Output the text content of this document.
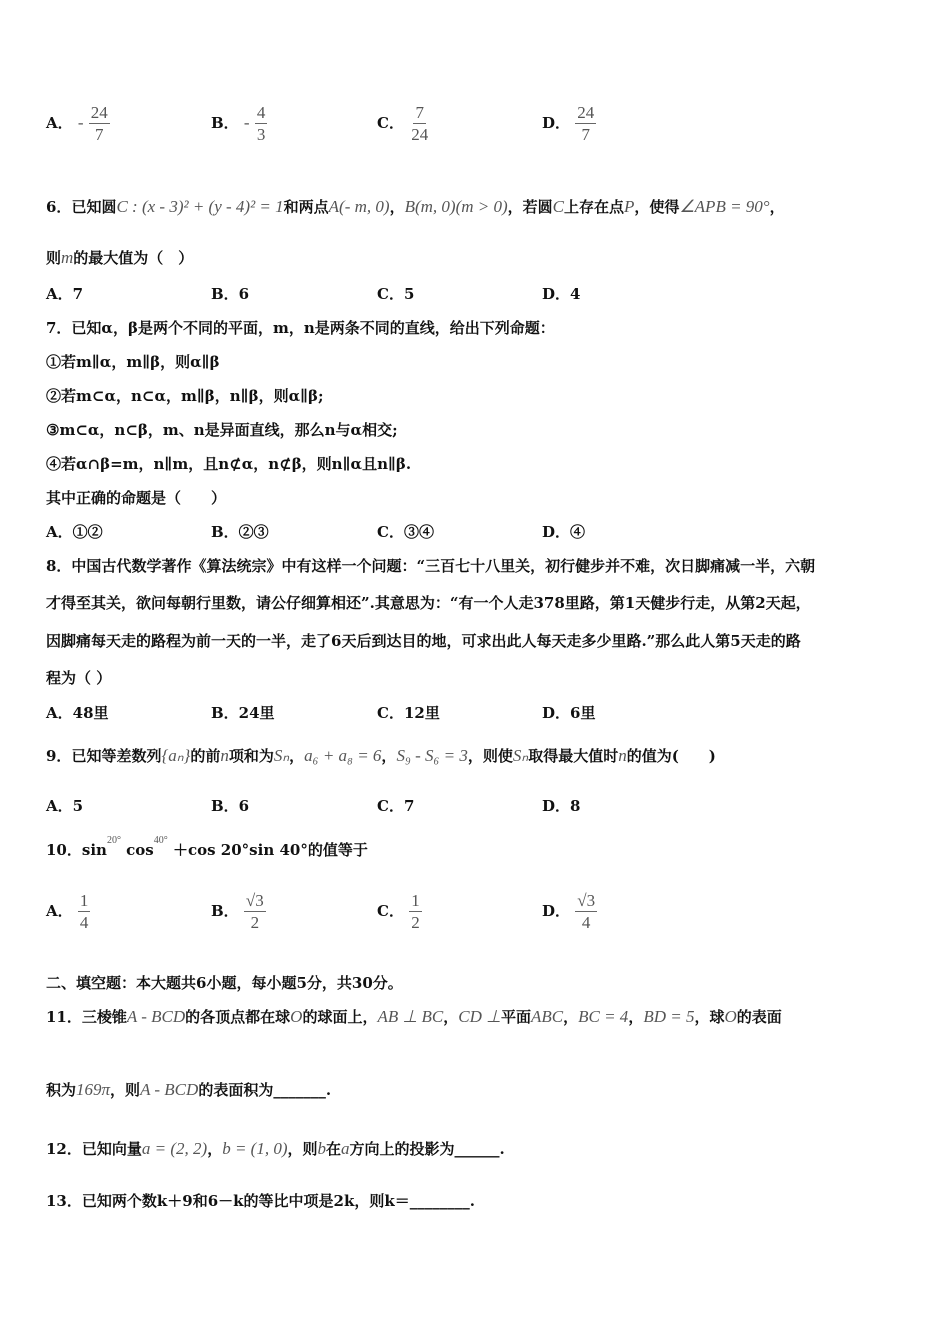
A． - $\frac{24}{7}$	B． - $\frac{4}{3}$	C． $\frac{7}{24}$	D． $\frac{24}{7}$
6．已知圆C : (x - 3)² + (y - 4)² = 1和两点A(- m, 0)，B(m, 0)(m > 0)，若圆C上存在点P，使得∠APB = 90°，
则m的最大值为（　）
A．7	B．6	C．5	D．4
7．已知α，β是两个不同的平面，m，n是两条不同的直线，给出下列命题：
①若m∥α，m∥β，则α∥β
②若m⊂α，n⊂α，m∥β，n∥β，则α∥β;
③m⊂α，n⊂β，m、n是异面直线，那么n与α相交;
④若α∩β=m，n∥m，且n⊄α，n⊄β，则n∥α且n∥β.
其中正确的命题是（　　）
A．①②	B．②③	C．③④	D．④
8．中国古代数学著作《算法统宗》中有这样一个问题：“三百七十八里关，初行健步并不难，次日脚痛减一半，六朝
才得至其关，欲问每朝行里数，请公仔细算相还”.其意思为：“有一个人走378里路，第1天健步行走，从第2天起，
因脚痛每天走的路程为前一天的一半，走了6天后到达目的地，可求出此人每天走多少里路.”那么此人第5天走的路
程为（ ）
A．48里	B．24里	C．12里	D．6里
9．已知等差数列{aₙ}的前n项和为Sₙ，a₆ + a₈ = 6，S₉ - S₆ = 3，则使Sₙ取得最大值时n的值为(　　)
A．5	B．6	C．7	D．8
10．$\sin^{20^\circ} \cos^{40^\circ} +\cos$ 20°sin 40°的值等于
A． $\frac{1}{4}$	B． $\frac{√3}{2}$	C． $\frac{1}{2}$	D． $\frac{√3}{4}$
二、填空题：本大题共6小题，每小题5分，共30分。
11．三棱锥A - BCD的各顶点都在球O的球面上，AB ⊥ BC，CD ⊥平面ABC，BC = 4，BD = 5，球O的表面
积为169π，则A - BCD的表面积为_______.
12．已知向量a = (2, 2)，b = (1, 0)，则b在a方向上的投影为______.
13．已知两个数k＋9和6－k的等比中项是2k，则k＝________.
